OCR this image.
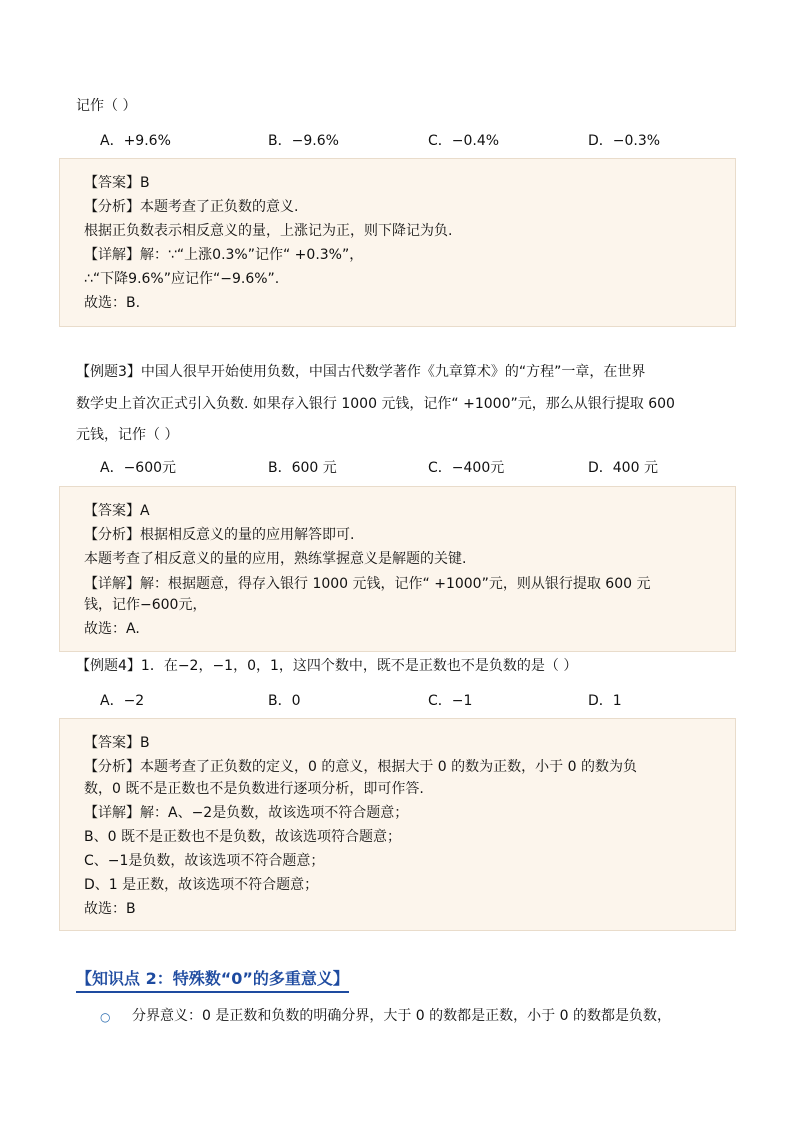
记作（ ）
A．+9.6%	B．−9.6%	C．−0.4%	D．−0.3%
【答案】B
【分析】本题考查了正负数的意义.
根据正负数表示相反意义的量，上涨记为正，则下降记为负.
【详解】解：∵“上涨0.3%”记作“ +0.3%”，
∴“下降9.6%”应记作“−9.6%”.
故选：B.
【例题3】中国人很早开始使用负数，中国古代数学著作《九章算术》的“方程”一章，在世界
数学史上首次正式引入负数. 如果存入银行 1000 元钱，记作“ +1000”元，那么从银行提取 600
元钱，记作（ ）
A．−600元	B．600 元	C．−400元	D．400 元
【答案】A
【分析】根据相反意义的量的应用解答即可.
本题考查了相反意义的量的应用，熟练掌握意义是解题的关键.
【详解】解：根据题意，得存入银行 1000 元钱，记作“ +1000”元，则从银行提取 600 元
钱，记作−600元，
故选：A.
【例题4】1．在−2，−1，0，1，这四个数中，既不是正数也不是负数的是（ ）
A．−2	B．0	C．−1	D．1
【答案】B
【分析】本题考查了正负数的定义，0 的意义，根据大于 0 的数为正数，小于 0 的数为负
数，0 既不是正数也不是负数进行逐项分析，即可作答.
【详解】解：A、−2是负数，故该选项不符合题意；
B、0 既不是正数也不是负数，故该选项符合题意；
C、−1是负数，故该选项不符合题意；
D、1 是正数，故该选项不符合题意；
故选：B
【知识点 2：特殊数“0”的多重意义】
○ 分界意义：0 是正数和负数的明确分界，大于 0 的数都是正数，小于 0 的数都是负数，
